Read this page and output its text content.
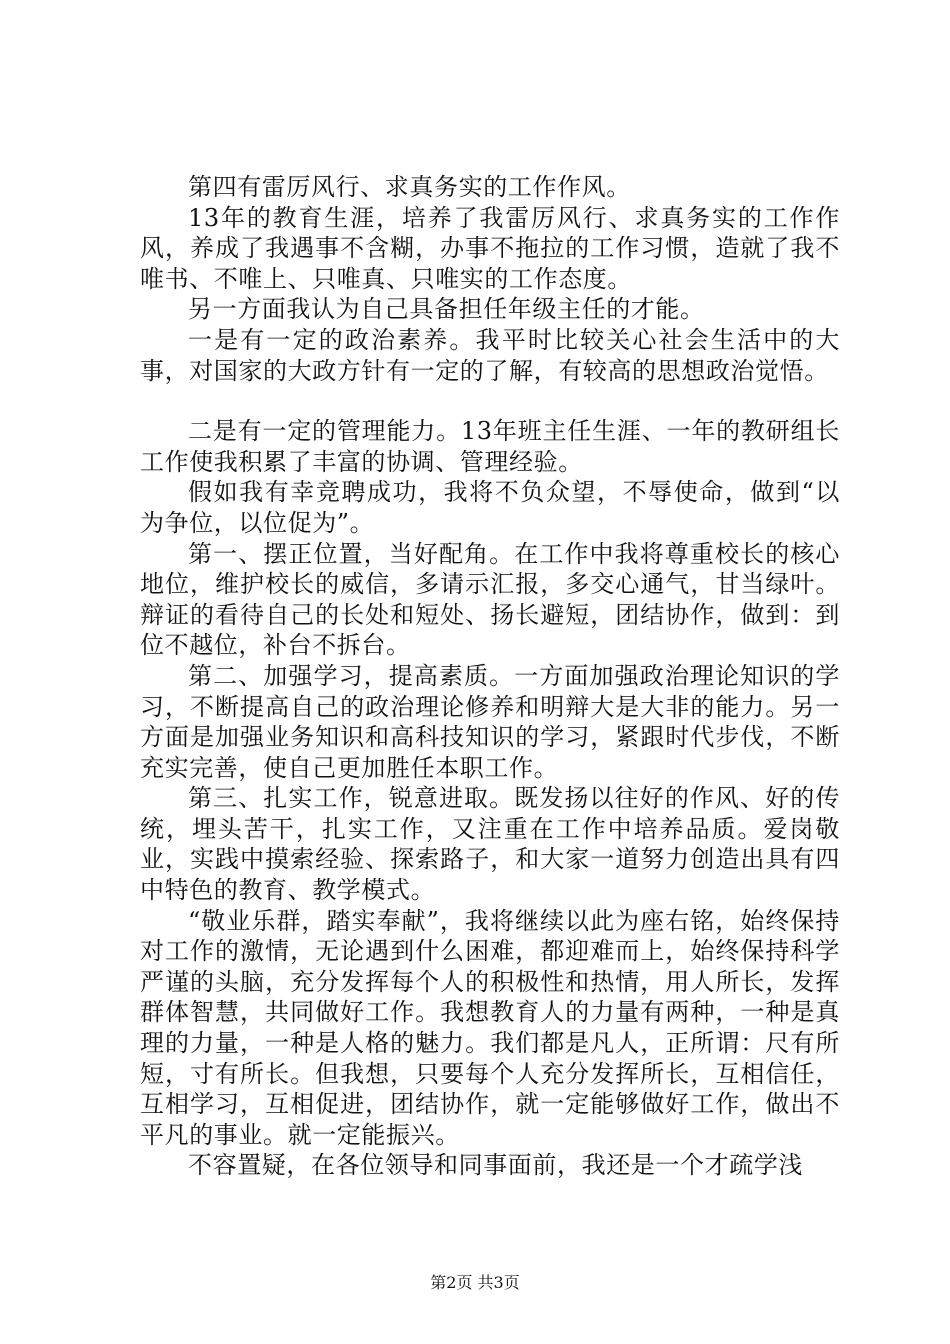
第四有雷厉风行、求真务实的工作作风。

13年的教育生涯，培养了我雷厉风行、求真务实的工作作风，养成了我遇事不含糊，办事不拖拉的工作习惯，造就了我不唯书、不唯上、只唯真、只唯实的工作态度。

另一方面我认为自己具备担任年级主任的才能。

一是有一定的政治素养。我平时比较关心社会生活中的大事，对国家的大政方针有一定的了解，有较高的思想政治觉悟。

二是有一定的管理能力。13年班主任生涯、一年的教研组长工作使我积累了丰富的协调、管理经验。

假如我有幸竞聘成功，我将不负众望，不辱使命，做到“以为争位，以位促为”。

第一、摆正位置，当好配角。在工作中我将尊重校长的核心地位，维护校长的威信，多请示汇报，多交心通气，甘当绿叶。辩证的看待自己的长处和短处、扬长避短，团结协作，做到：到位不越位，补台不拆台。

第二、加强学习，提高素质。一方面加强政治理论知识的学习，不断提高自己的政治理论修养和明辩大是大非的能力。另一方面是加强业务知识和高科技知识的学习，紧跟时代步伐，不断充实完善，使自己更加胜任本职工作。

第三、扎实工作，锐意进取。既发扬以往好的作风、好的传统，埋头苦干，扎实工作，又注重在工作中培养品质。爱岗敬业，实践中摸索经验、探索路子，和大家一道努力创造出具有四中特色的教育、教学模式。

“敬业乐群，踏实奉献”，我将继续以此为座右铭，始终保持对工作的激情，无论遇到什么困难，都迎难而上，始终保持科学严谨的头脑，充分发挥每个人的积极性和热情，用人所长，发挥群体智慧，共同做好工作。我想教育人的力量有两种，一种是真理的力量，一种是人格的魅力。我们都是凡人，正所谓：尺有所短，寸有所长。但我想，只要每个人充分发挥所长，互相信任，互相学习，互相促进，团结协作，就一定能够做好工作，做出不平凡的事业。就一定能振兴。

不容置疑，在各位领导和同事面前，我还是一个才疏学浅

第2页 共3页
